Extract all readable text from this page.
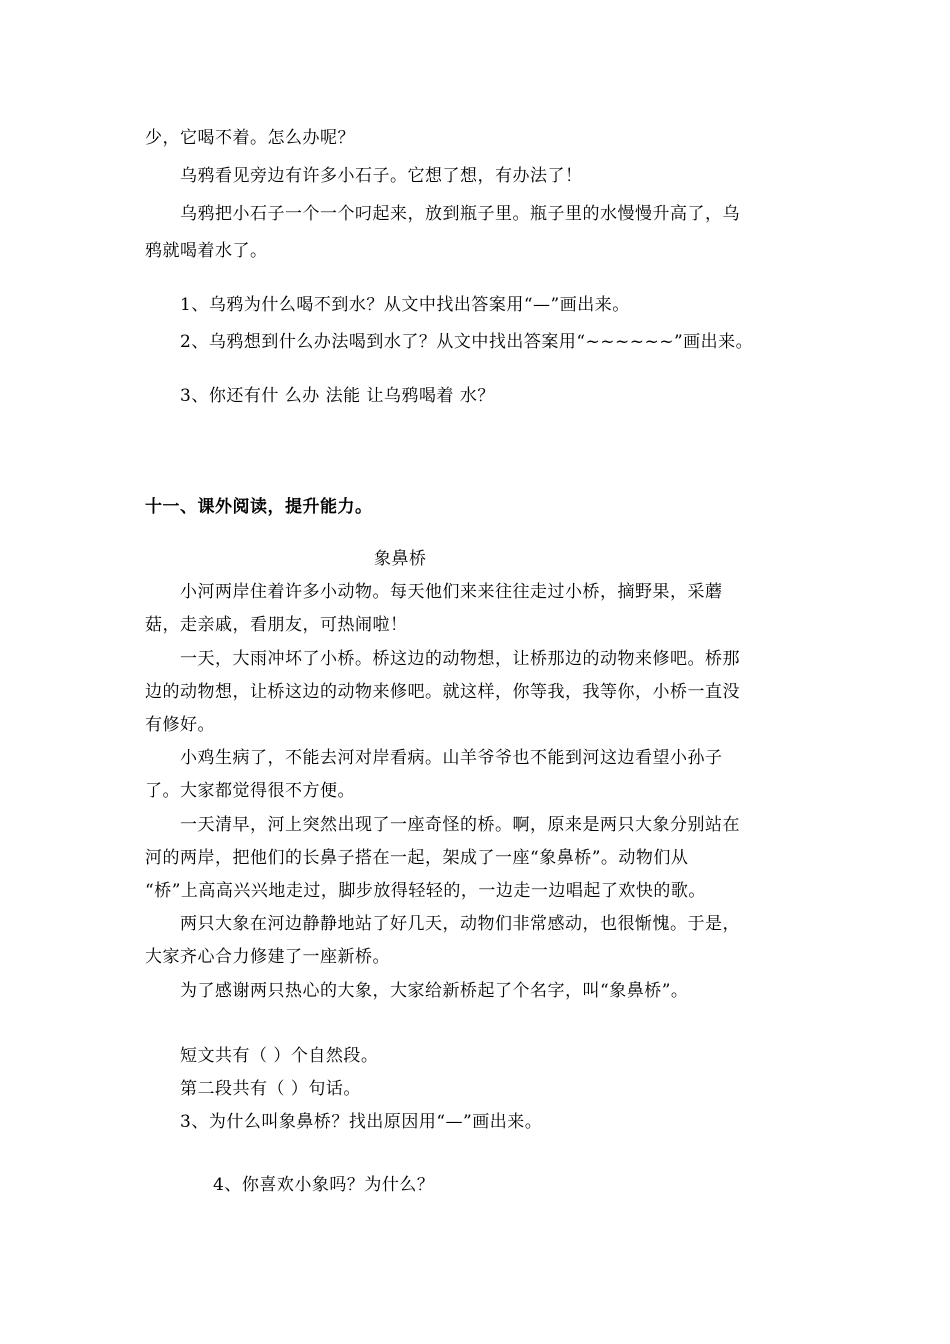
少，它喝不着。怎么办呢？
乌鸦看见旁边有许多小石子。它想了想，有办法了！
乌鸦把小石子一个一个叼起来，放到瓶子里。瓶子里的水慢慢升高了，乌
鸦就喝着水了。
1、乌鸦为什么喝不到水？从文中找出答案用“—”画出来。
2、乌鸦想到什么办法喝到水了？从文中找出答案用“~~~~~~”画出来。
3、你还有什 么办 法能 让乌鸦喝着 水？
十一、课外阅读，提升能力。
象鼻桥
小河两岸住着许多小动物。每天他们来来往往走过小桥，摘野果，采蘑
菇，走亲戚，看朋友，可热闹啦！
一天，大雨冲坏了小桥。桥这边的动物想，让桥那边的动物来修吧。桥那
边的动物想，让桥这边的动物来修吧。就这样，你等我，我等你，小桥一直没
有修好。
小鸡生病了，不能去河对岸看病。山羊爷爷也不能到河这边看望小孙子
了。大家都觉得很不方便。
一天清早，河上突然出现了一座奇怪的桥。啊，原来是两只大象分别站在
河的两岸，把他们的长鼻子搭在一起，架成了一座“象鼻桥”。动物们从
“桥”上高高兴兴地走过，脚步放得轻轻的，一边走一边唱起了欢快的歌。
两只大象在河边静静地站了好几天，动物们非常感动，也很惭愧。于是，
大家齐心合力修建了一座新桥。
为了感谢两只热心的大象，大家给新桥起了个名字，叫“象鼻桥”。
短文共有（ ）个自然段。
第二段共有（ ）句话。
3、为什么叫象鼻桥？找出原因用“—”画出来。
4、你喜欢小象吗？为什么？
